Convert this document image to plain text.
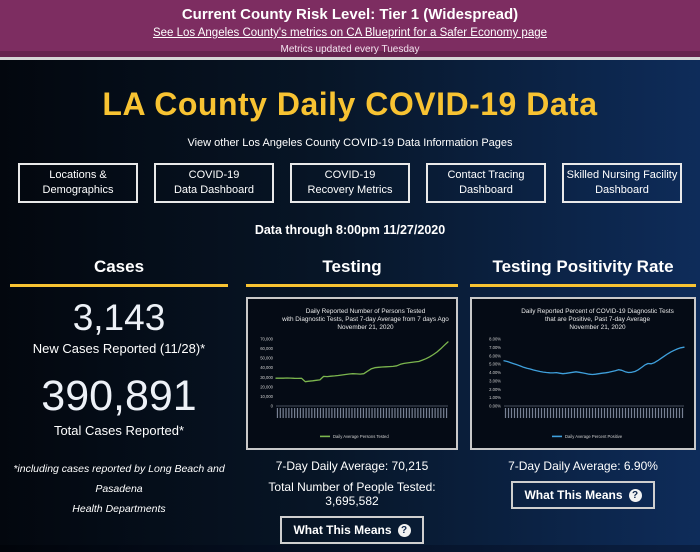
Current County Risk Level: Tier 1 (Widespread)
See Los Angeles County's metrics on CA Blueprint for a Safer Economy page
Metrics updated every Tuesday
LA County Daily COVID-19 Data
View other Los Angeles County COVID-19 Data Information Pages
Locations &
Demographics
COVID-19
Data Dashboard
COVID-19
Recovery Metrics
Contact Tracing
Dashboard
Skilled Nursing Facility
Dashboard
Data through 8:00pm 11/27/2020
Cases
3,143
New Cases Reported (11/28)*
390,891
Total Cases Reported*
*including cases reported by Long Beach and Pasadena
Health Departments
Testing
Daily Reported Number of Persons Tested
with Diagnostic Tests, Past 7-day Average from 7 days Ago
November 21, 2020
70,000
60,000
50,000
40,000
30,000
20,000
10,000
0
Daily Average Persons Tested
7-Day Daily Average: 70,215
Total Number of People Tested: 3,695,582
What This Means ?
Testing Positivity Rate
Daily Reported Percent of COVID-19 Diagnostic Tests
that are Positive, Past 7-day Average
November 21, 2020
8.00%
7.00%
6.00%
5.00%
4.00%
3.00%
2.00%
1.00%
0.00%
Daily Average Percent Positive
7-Day Daily Average: 6.90%
What This Means ?
